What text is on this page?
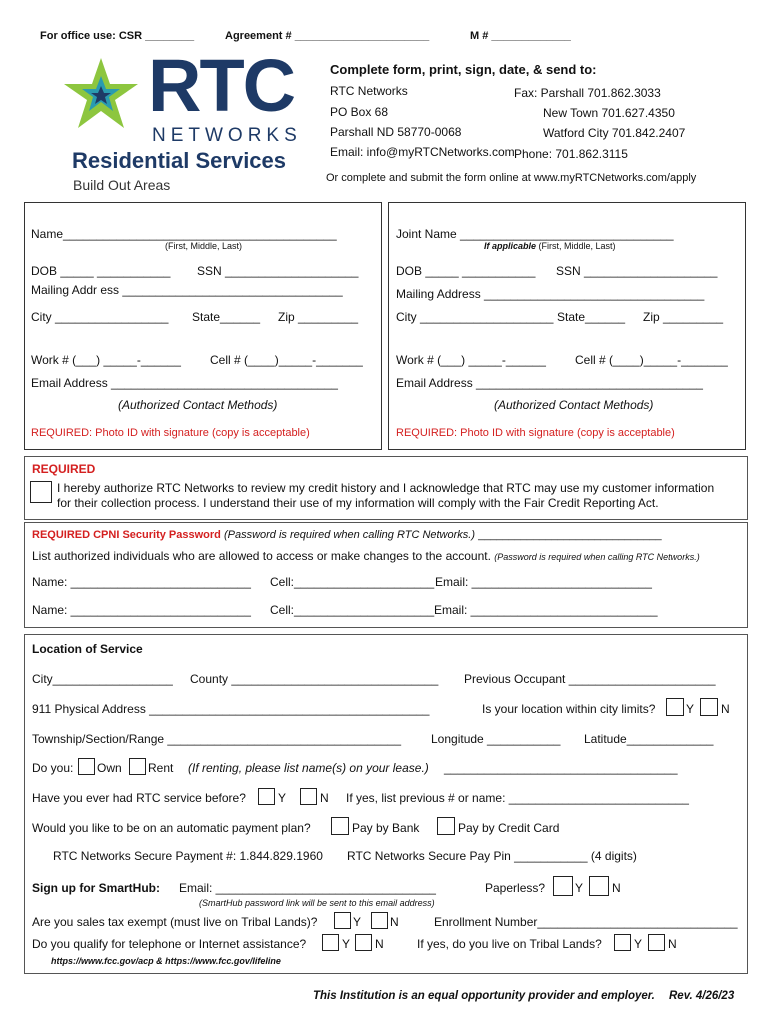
For office use: CSR ________	Agreement # ______________________	M # _____________
RTC
NETWORKS
Residential Services
Build Out Areas
Complete form, print, sign, date, & send to:
RTC Networks
PO Box 68
Parshall ND 58770-0068
Email: info@myRTCNetworks.com
Fax: Parshall 701.862.3033
New Town 701.627.4350
Watford City 701.842.2407
Phone: 701.862.3115
Or complete and submit the form online at www.myRTCNetworks.com/apply
Name_________________________________________
(First, Middle, Last)
DOB _____ ___________ SSN ____________________
Mailing Addr ess _________________________________
City _________________ State______ Zip _________
Work # (___) _____-______ Cell # (____)_____-_______
Email Address __________________________________
(Authorized Contact Methods)
REQUIRED: Photo ID with signature (copy is acceptable)
Joint Name ________________________________
If applicable (First, Middle, Last)
DOB _____ ___________ SSN ____________________
Mailing Address _________________________________
City ____________________ State______ Zip _________
Work # (___) _____-______ Cell # (____)_____-_______
Email Address __________________________________
(Authorized Contact Methods)
REQUIRED: Photo ID with signature (copy is acceptable)
REQUIRED
I hereby authorize RTC Networks to review my credit history and I acknowledge that RTC may use my customer information
for their collection process. I understand their use of my information will comply with the Fair Credit Reporting Act.
REQUIRED CPNI Security Password (Password is required when calling RTC Networks.) ______________________________
List authorized individuals who are allowed to access or make changes to the account. (Password is required when calling RTC Networks.)
Name: ___________________________ Cell:_____________________ Email: ___________________________
Name: ___________________________ Cell:_____________________ Email: ____________________________
Location of Service
City__________________ County _______________________________ Previous Occupant ______________________
911 Physical Address __________________________________________	Is your location within city limits?	Y N
Township/Section/Range ___________________________________	Longitude ___________ Latitude_____________
Do you: Own Rent (If renting, please list name(s) on your lease.) ___________________________________
Have you ever had RTC service before?	Y	N If yes, list previous # or name: ___________________________
Would you like to be on an automatic payment plan?	Pay by Bank	Pay by Credit Card
RTC Networks Secure Payment #: 1.844.829.1960 RTC Networks Secure Pay Pin ___________ (4 digits)
Sign up for SmartHub: Email: _________________________________	Paperless? Y N
(SmartHub password link will be sent to this email address)
Are you sales tax exempt (must live on Tribal Lands)?	Y N	Enrollment Number______________________________
Do you qualify for telephone or Internet assistance?	Y N	If yes, do you live on Tribal Lands?	Y N
https://www.fcc.gov/acp & https://www.fcc.gov/lifeline
This Institution is an equal opportunity provider and employer. Rev. 4/26/23
